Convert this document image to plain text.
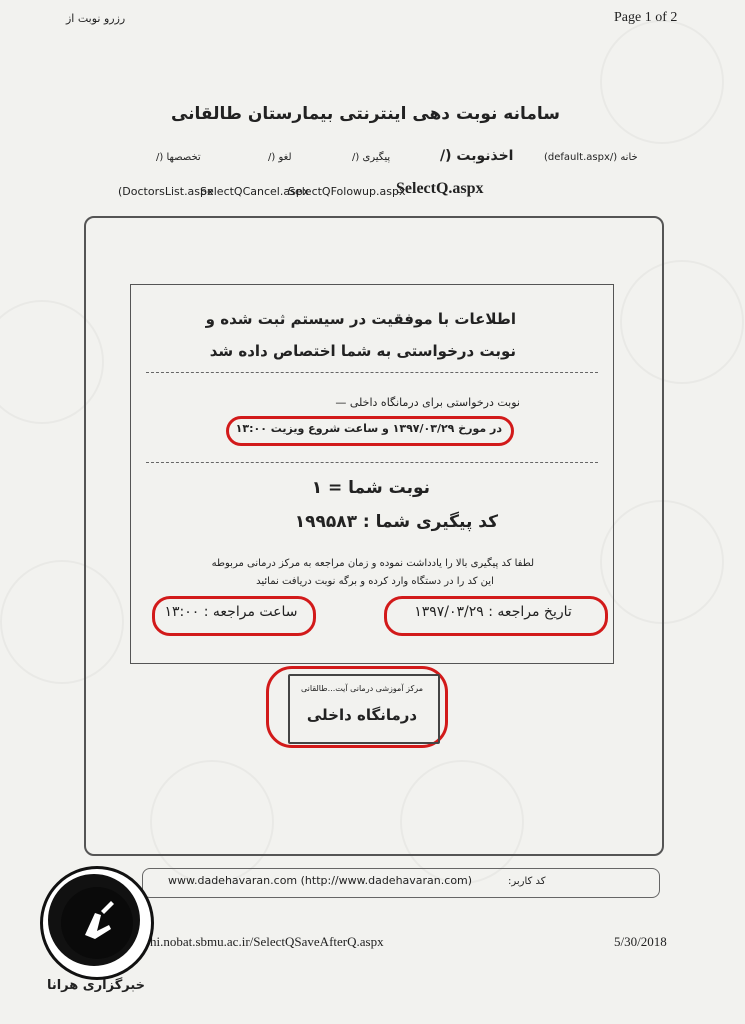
Page 1 of 2
رزرو نوبت از
سامانه نوبت دهی اینترنتی بیمارستان طالقانی
خانه (/default.aspx)
اخذنوبت (/
پیگیری (/
لغو (/
تخصصها (/
(DoctorsList.aspx
SelectQCancel.aspx
SelectQFolowup.aspx
SelectQ.aspx
اطلاعات با موفقیت در سیستم ثبت شده و
نوبت درخواستی به شما اختصاص داده شد
نوبت درخواستی برای درمانگاه داخلی —
در مورخ ۱۳۹۷/۰۳/۲۹ و ساعت شروع ویزیت ۱۳:۰۰
نوبت شما = ۱
کد پیگیری شما : ۱۹۹۵۸۳
لطفا کد پیگیری بالا را یادداشت نموده و زمان مراجعه به مرکز درمانی مربوطه
این کد را در دستگاه وارد کرده و برگه نوبت دریافت نمائید
تاریخ مراجعه : ۱۳۹۷/۰۳/۲۹
ساعت مراجعه : ۱۳:۰۰
مرکز آموزشی درمانی آیت...طالقانی
درمانگاه داخلی
کد کاربر:
www.dadehavaran.com (http://www.dadehavaran.com)
hi.nobat.sbmu.ac.ir/SelectQSaveAfterQ.aspx	5/30/2018
خبرگزاری هرانا
